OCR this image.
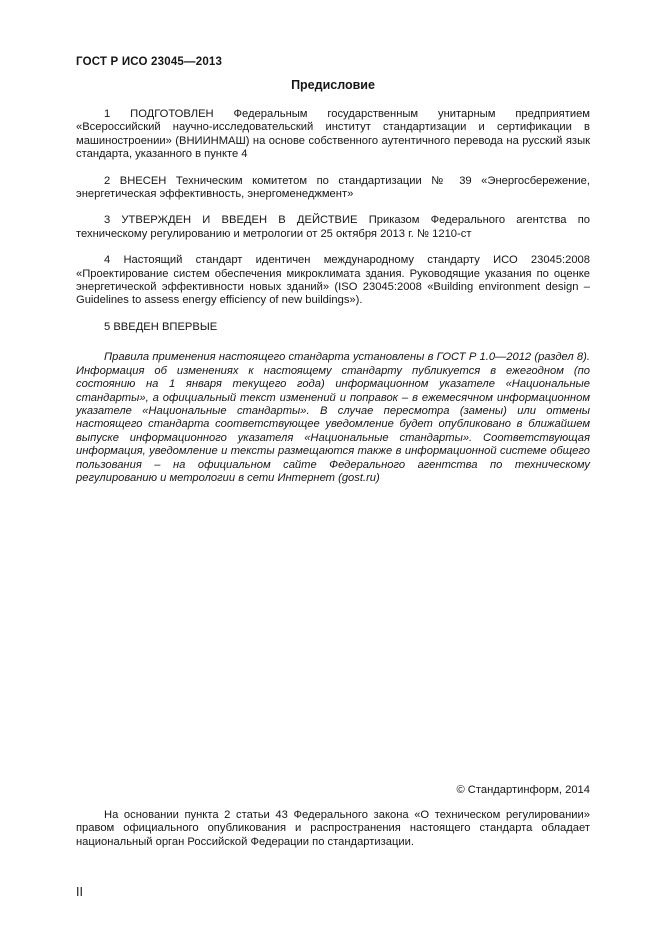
ГОСТ Р ИСО 23045—2013
Предисловие

1 ПОДГОТОВЛЕН Федеральным государственным унитарным предприятием «Всероссийский научно-исследовательский институт стандартизации и сертификации в машиностроении» (ВНИИНМАШ) на основе собственного аутентичного перевода на русский язык стандарта, указанного в пункте 4

2 ВНЕСЕН Техническим комитетом по стандартизации № 39 «Энергосбережение, энергетическая эффективность, энергоменеджмент»

3 УТВЕРЖДЕН И ВВЕДЕН В ДЕЙСТВИЕ Приказом Федерального агентства по техническому регулированию и метрологии от 25 октября 2013 г. № 1210-ст

4 Настоящий стандарт идентичен международному стандарту ИСО 23045:2008 «Проектирование систем обеспечения микроклимата здания. Руководящие указания по оценке энергетической эффективности новых зданий» (ISO 23045:2008 «Building environment design – Guidelines to assess energy efficiency of new buildings»).

5 ВВЕДЕН ВПЕРВЫЕ

Правила применения настоящего стандарта установлены в ГОСТ Р 1.0—2012 (раздел 8). Информация об изменениях к настоящему стандарту публикуется в ежегодном (по состоянию на 1 января текущего года) информационном указателе «Национальные стандарты», а официальный текст изменений и поправок – в ежемесячном информационном указателе «Национальные стандарты». В случае пересмотра (замены) или отмены настоящего стандарта соответствующее уведомление будет опубликовано в ближайшем выпуске информационного указателя «Национальные стандарты». Соответствующая информация, уведомление и тексты размещаются также в информационной системе общего пользования – на официальном сайте Федерального агентства по техническому регулированию и метрологии в сети Интернет (gost.ru)

© Стандартинформ, 2014
На основании пункта 2 статьи 43 Федерального закона «О техническом регулировании» правом официального опубликования и распространения настоящего стандарта обладает национальный орган Российской Федерации по стандартизации.
II
